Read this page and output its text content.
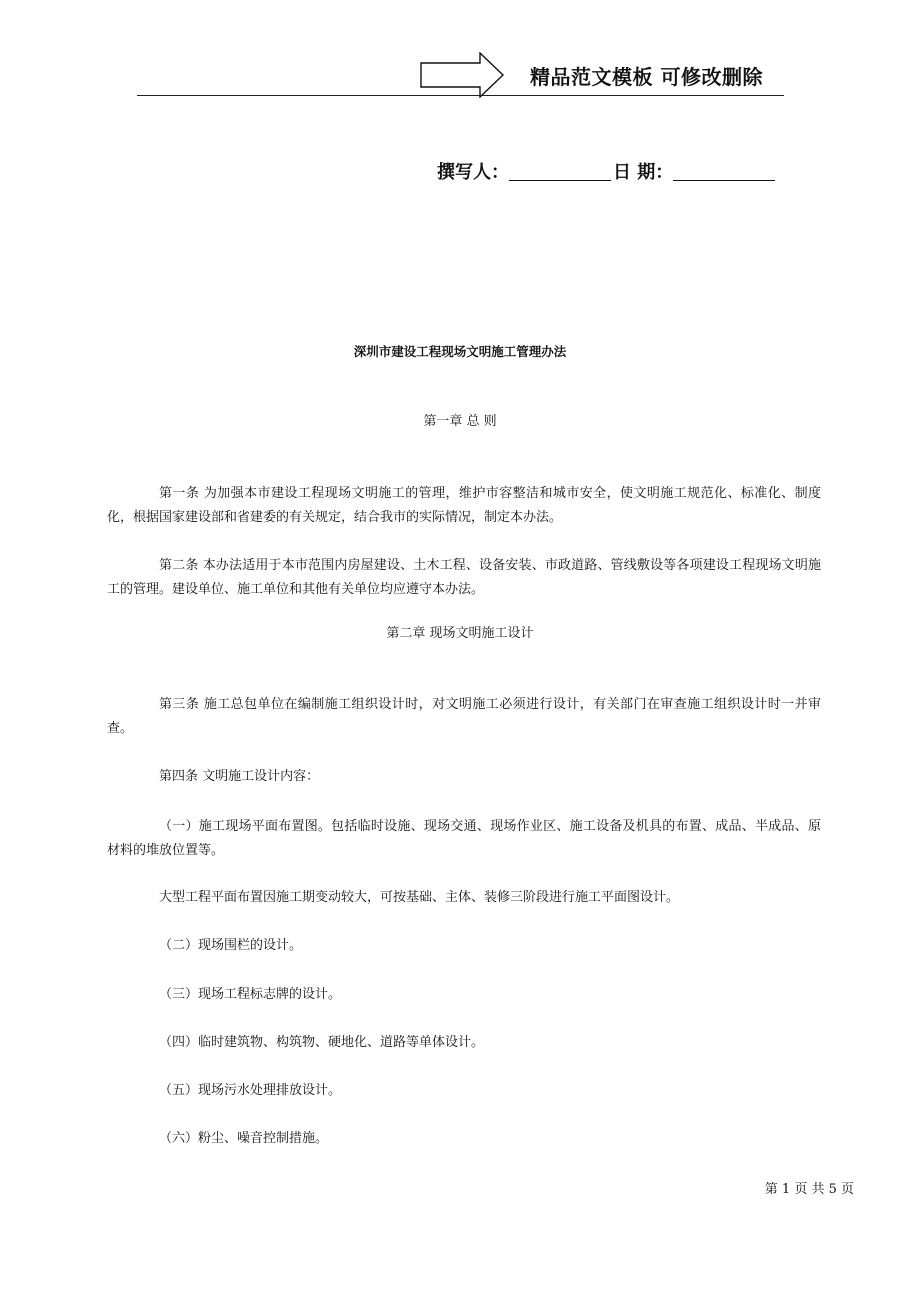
精品范文模板 可修改删除
撰写人：	日 期：
深圳市建设工程现场文明施工管理办法
第一章 总 则
第一条 为加强本市建设工程现场文明施工的管理，维护市容整洁和城市安全，使文明施工规范化、标准化、制度化，根据国家建设部和省建委的有关规定，结合我市的实际情况，制定本办法。
第二条 本办法适用于本市范围内房屋建设、土木工程、设备安装、市政道路、管线敷设等各项建设工程现场文明施工的管理。建设单位、施工单位和其他有关单位均应遵守本办法。
第二章 现场文明施工设计
第三条 施工总包单位在编制施工组织设计时，对文明施工必须进行设计，有关部门在审查施工组织设计时一并审查。
第四条 文明施工设计内容：
（一）施工现场平面布置图。包括临时设施、现场交通、现场作业区、施工设备及机具的布置、成品、半成品、原材料的堆放位置等。
大型工程平面布置因施工期变动较大，可按基础、主体、装修三阶段进行施工平面图设计。
（二）现场围栏的设计。
（三）现场工程标志牌的设计。
（四）临时建筑物、构筑物、硬地化、道路等单体设计。
（五）现场污水处理排放设计。
（六）粉尘、噪音控制措施。
第 1 页 共 5 页
